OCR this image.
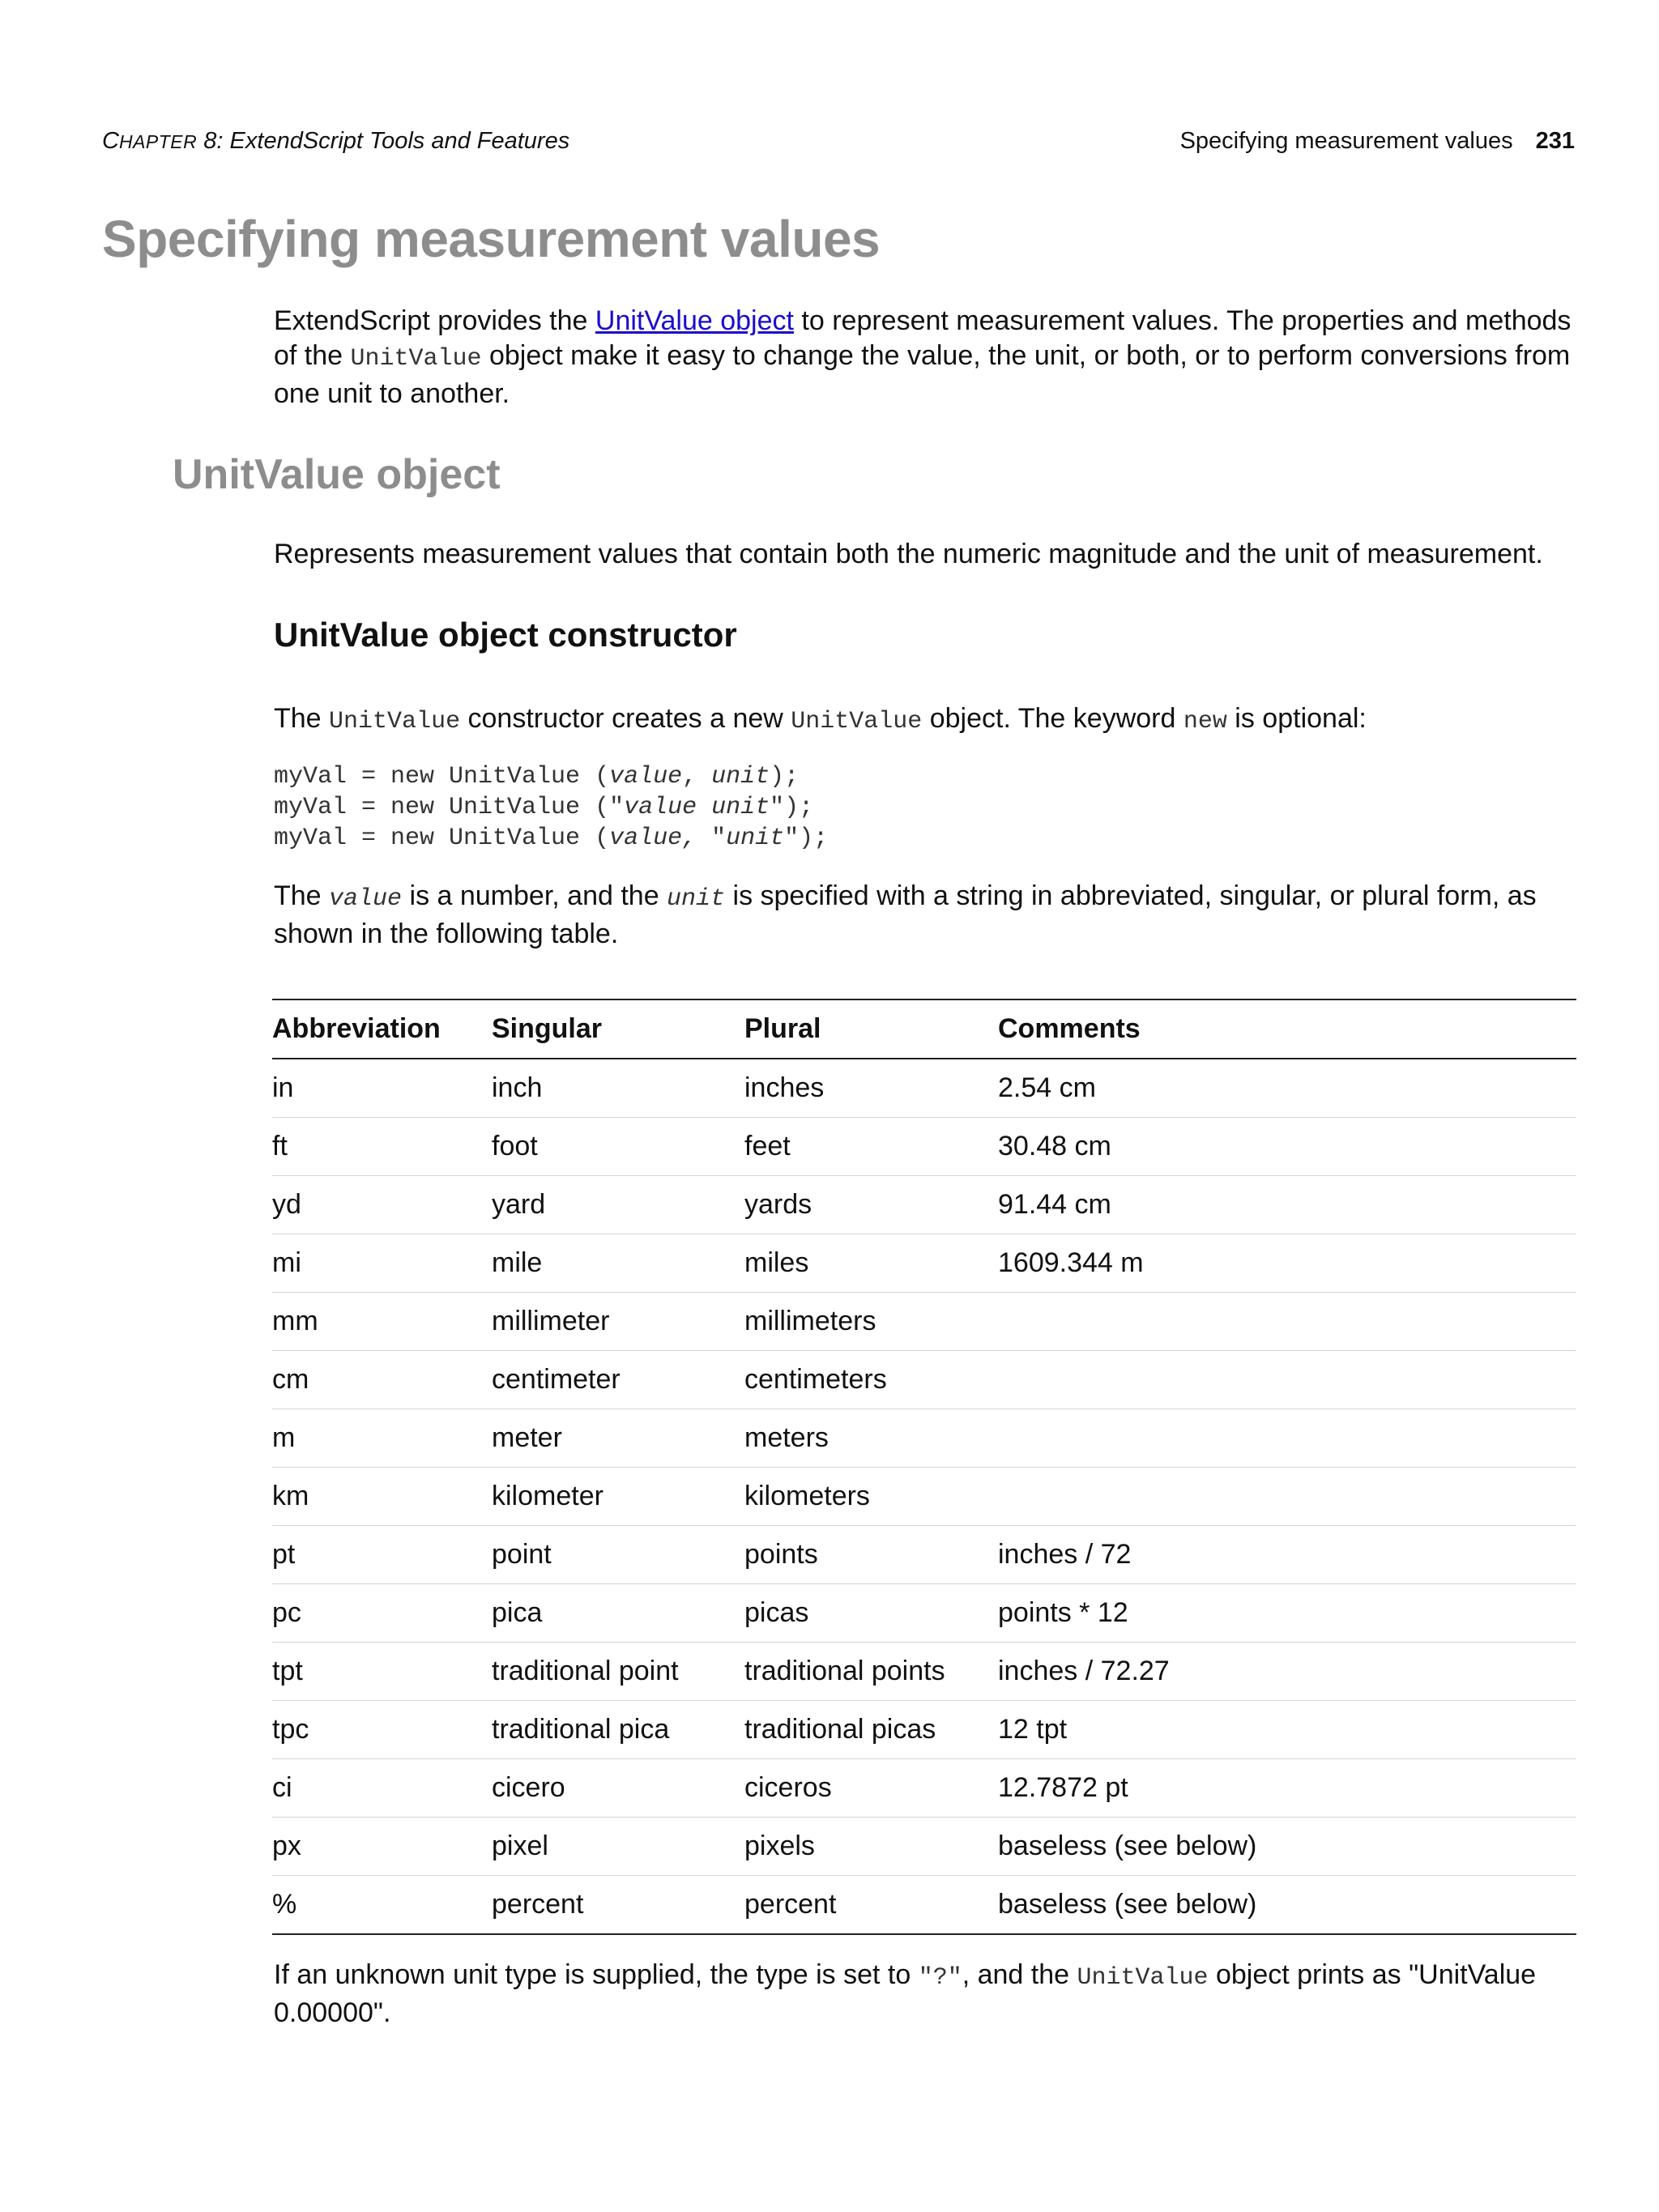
CHAPTER 8: ExtendScript Tools and Features	Specifying measurement values 231
Specifying measurement values

ExtendScript provides the UnitValue object to represent measurement values. The properties and methods of the UnitValue object make it easy to change the value, the unit, or both, or to perform conversions from one unit to another.

UnitValue object

Represents measurement values that contain both the numeric magnitude and the unit of measurement.

UnitValue object constructor

The UnitValue constructor creates a new UnitValue object. The keyword new is optional:

myVal = new UnitValue (value, unit);
myVal = new UnitValue ("value unit");
myVal = new UnitValue (value, "unit");

The value is a number, and the unit is specified with a string in abbreviated, singular, or plural form, as shown in the following table.

Abbreviation	Singular	Plural	Comments
in	inch	inches	2.54 cm
ft	foot	feet	30.48 cm
yd	yard	yards	91.44 cm
mi	mile	miles	1609.344 m
mm	millimeter	millimeters
cm	centimeter	centimeters
m	meter	meters
km	kilometer	kilometers
pt	point	points	inches / 72
pc	pica	picas	points * 12
tpt	traditional point	traditional points	inches / 72.27
tpc	traditional pica	traditional picas	12 tpt
ci	cicero	ciceros	12.7872 pt
px	pixel	pixels	baseless (see below)
%	percent	percent	baseless (see below)

If an unknown unit type is supplied, the type is set to "?", and the UnitValue object prints as "UnitValue 0.00000".
